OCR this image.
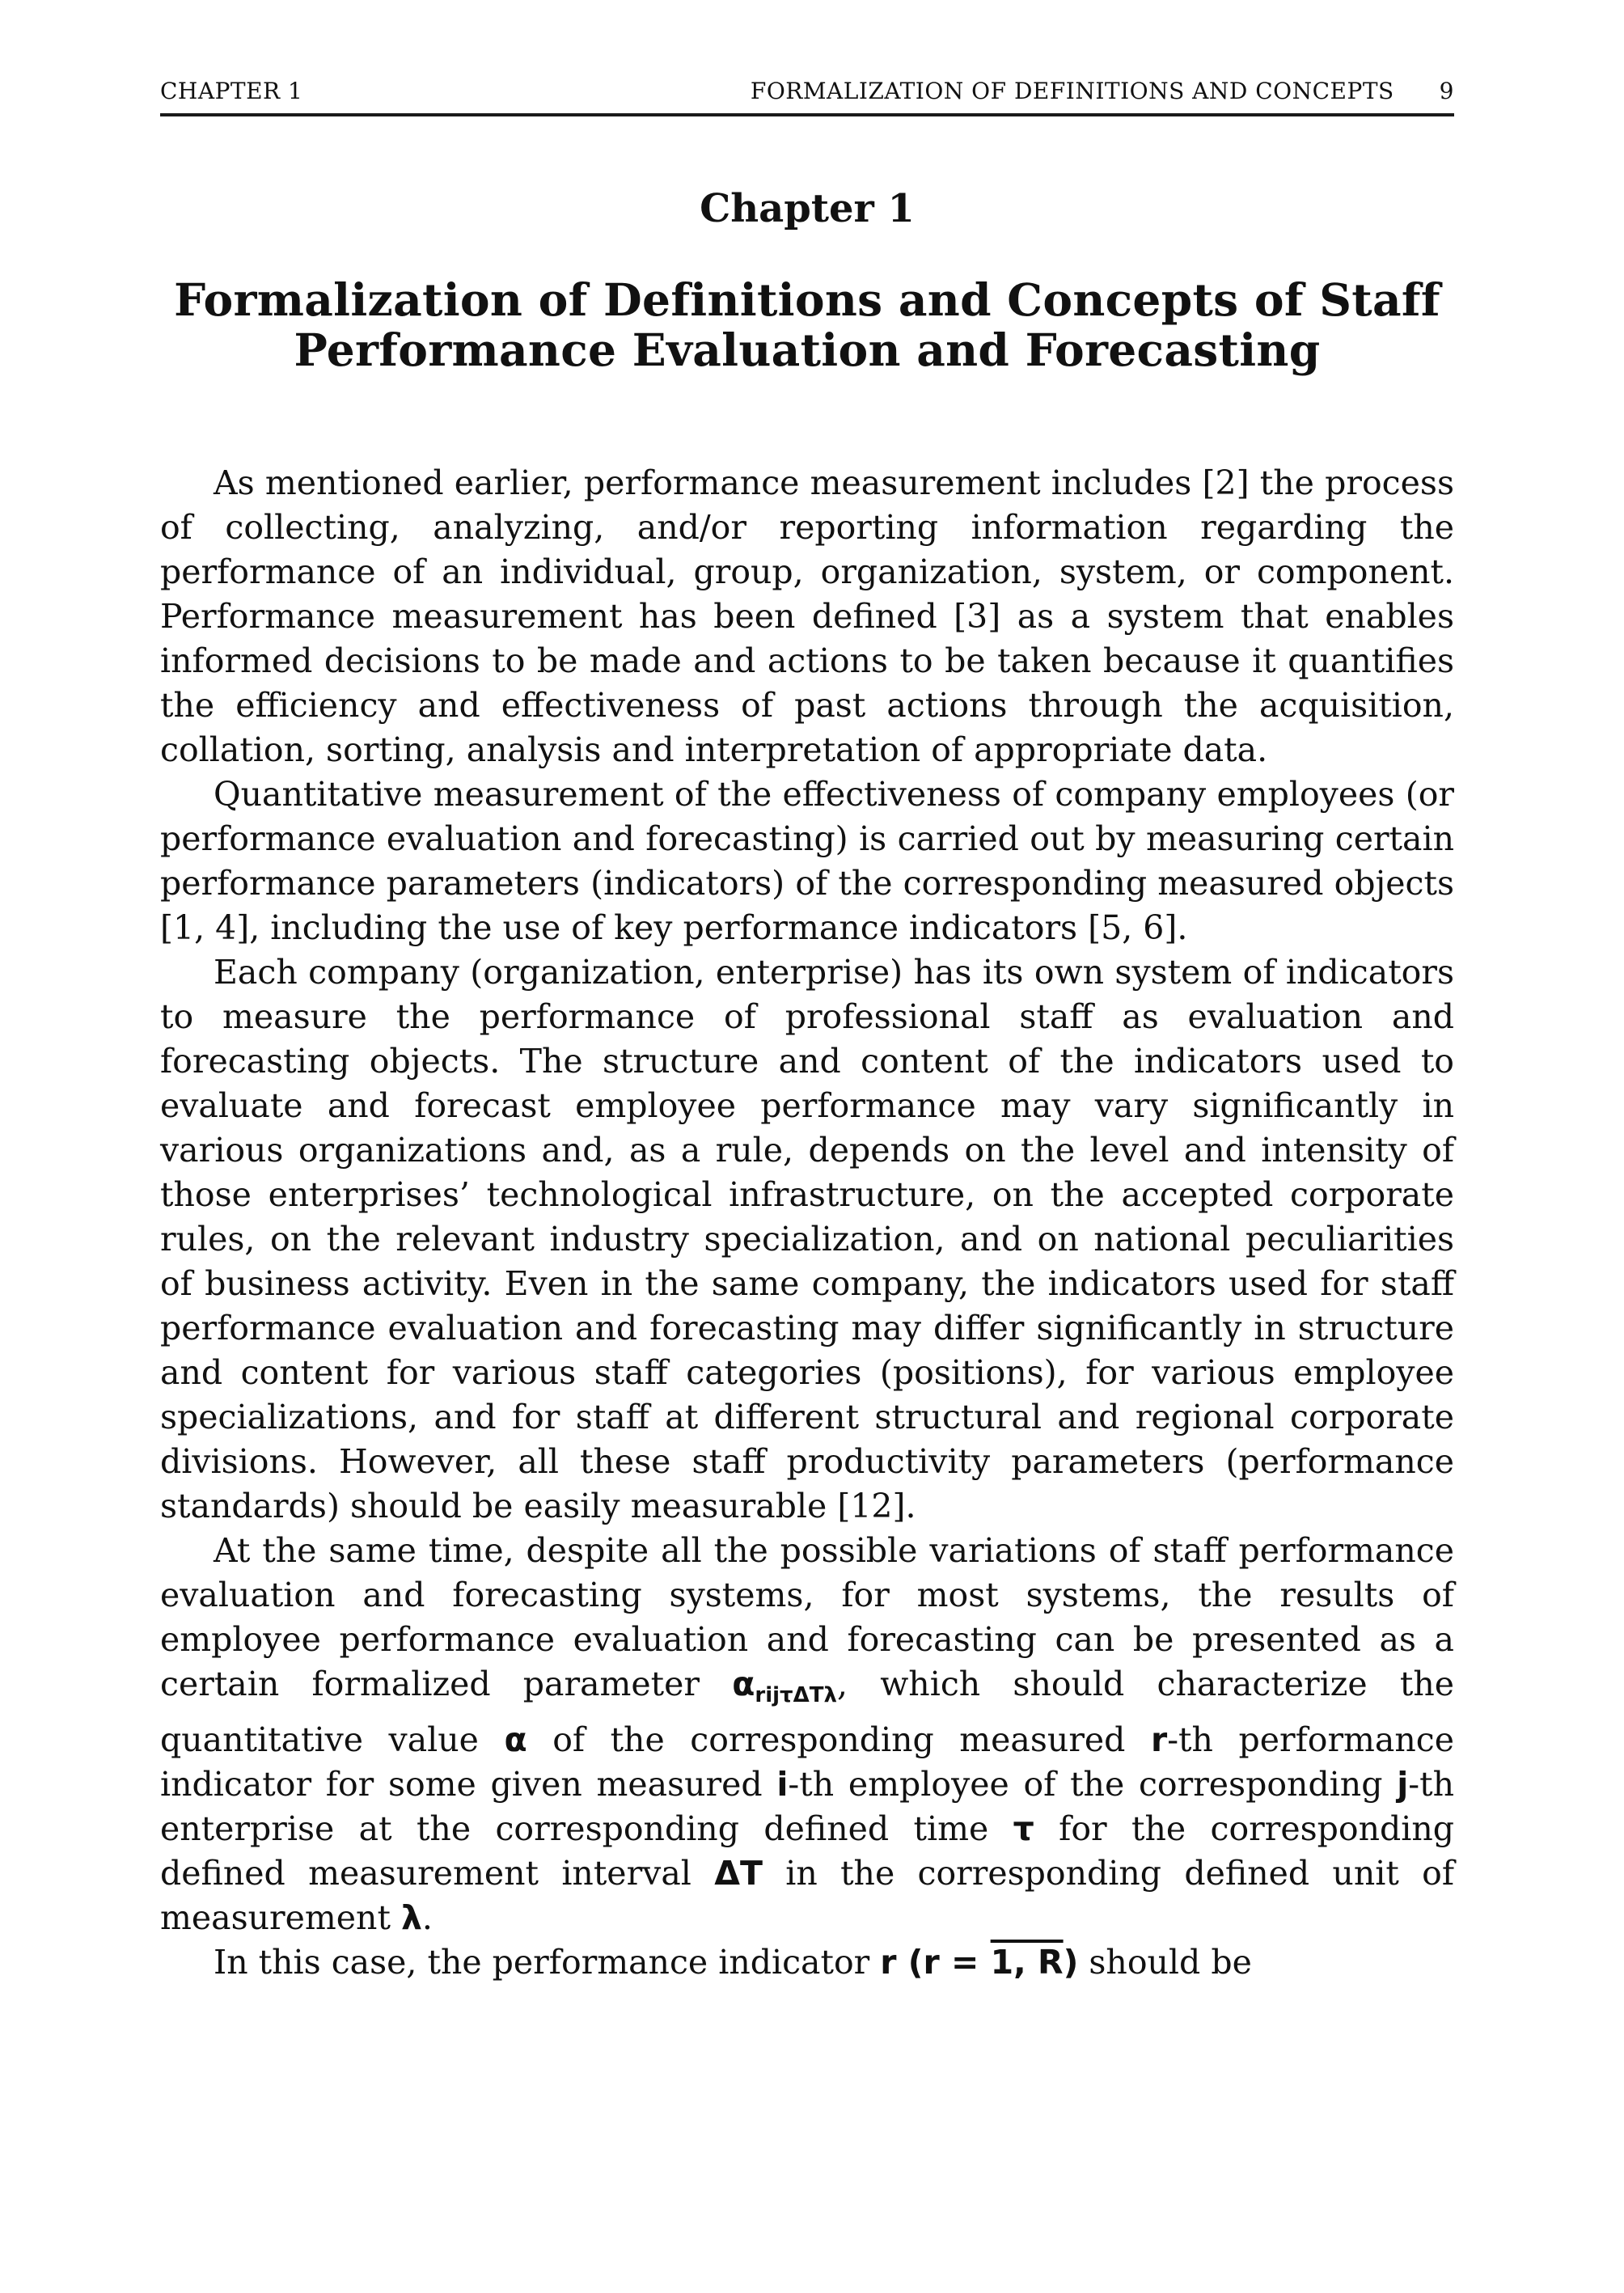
CHAPTER 1	FORMALIZATION OF DEFINITIONS AND CONCEPTS 9
Chapter 1
Formalization of Definitions and Concepts of Staff
Performance Evaluation and Forecasting

As mentioned earlier, performance measurement includes [2] the process of collecting, analyzing, and/or reporting information regarding the performance of an individual, group, organization, system, or component. Performance measurement has been defined [3] as a system that enables informed decisions to be made and actions to be taken because it quantifies the efficiency and effectiveness of past actions through the acquisition, collation, sorting, analysis and interpretation of appropriate data.

Quantitative measurement of the effectiveness of company employees (or performance evaluation and forecasting) is carried out by measuring certain performance parameters (indicators) of the corresponding measured objects [1, 4], including the use of key performance indicators [5, 6].

Each company (organization, enterprise) has its own system of indicators to measure the performance of professional staff as evaluation and forecasting objects. The structure and content of the indicators used to evaluate and forecast employee performance may vary significantly in various organizations and, as a rule, depends on the level and intensity of those enterprises’ technological infrastructure, on the accepted corporate rules, on the relevant industry specialization, and on national peculiarities of business activity. Even in the same company, the indicators used for staff performance evaluation and forecasting may differ significantly in structure and content for various staff categories (positions), for various employee specializations, and for staff at different structural and regional corporate divisions. However, all these staff productivity parameters (performance standards) should be easily measurable [12].

At the same time, despite all the possible variations of staff performance evaluation and forecasting systems, for most systems, the results of employee performance evaluation and forecasting can be presented as a certain formalized parameter $\alpha_{rij\tau\Delta T\lambda}$, which should characterize the quantitative value α of the corresponding measured r-th performance indicator for some given measured i-th employee of the corresponding j-th enterprise at the corresponding defined time τ for the corresponding defined measurement interval ΔT in the corresponding defined unit of measurement λ.

In this case, the performance indicator r (r = 1, R) should be
